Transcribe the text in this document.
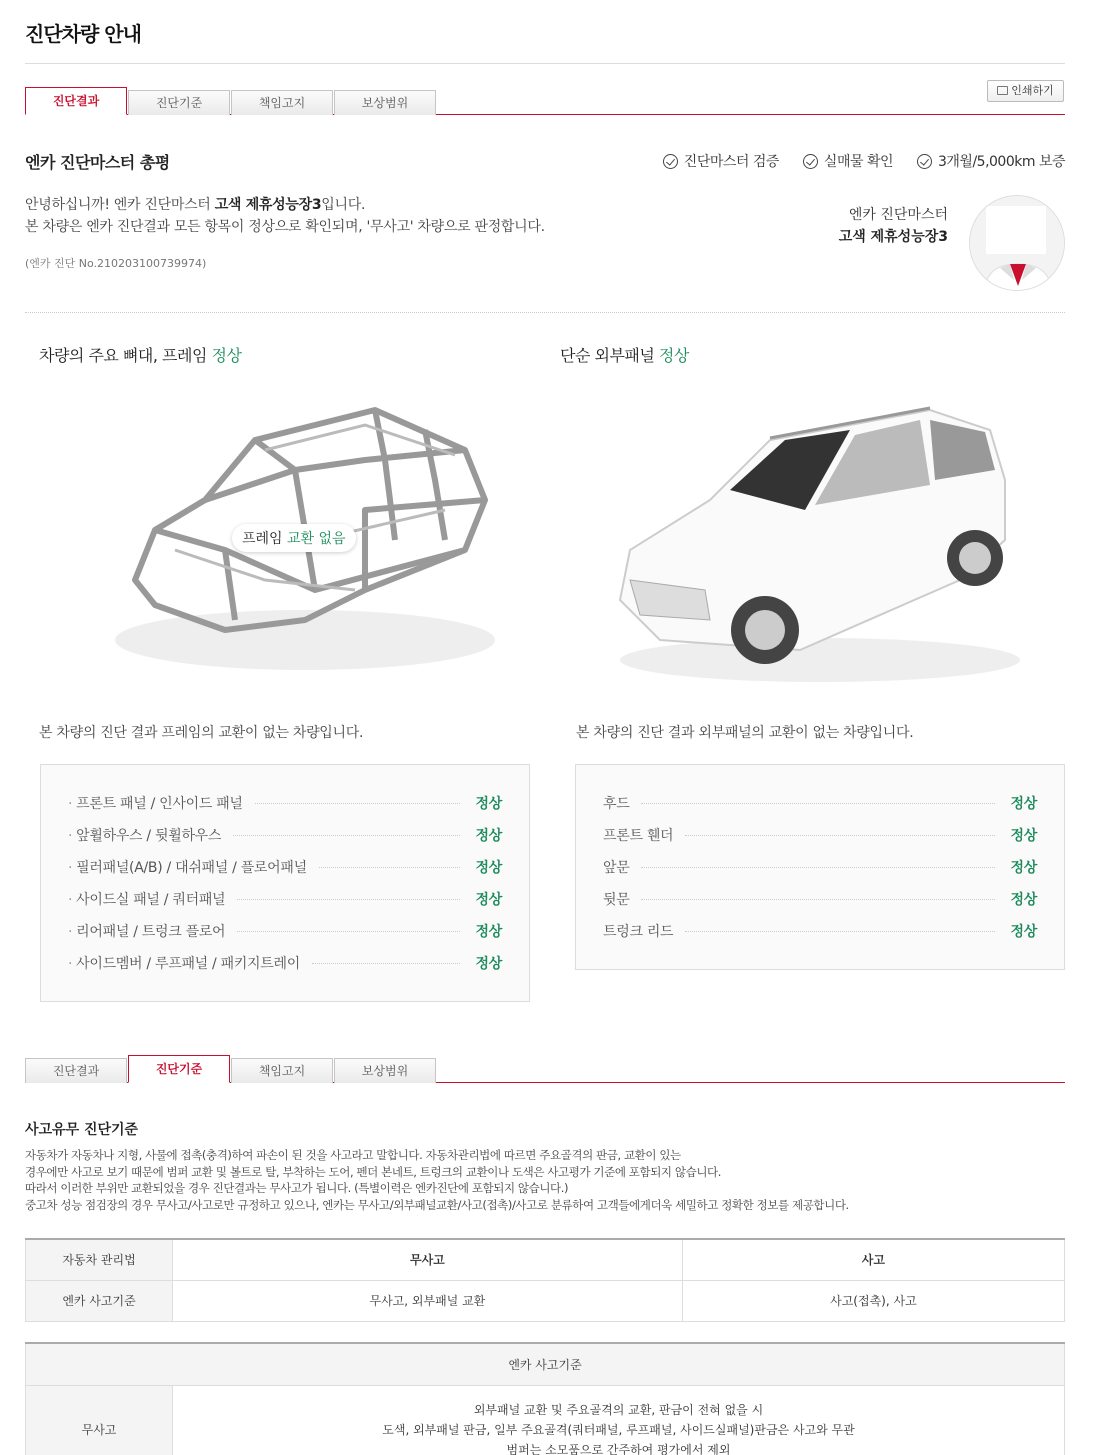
진단차량 안내
인쇄하기
진단결과	진단기준	책임고지	보상범위
엔카 진단마스터 총평	진단마스터 검증	실매물 확인	3개월/5,000km 보증
안녕하십니까! 엔카 진단마스터 고색 제휴성능장3입니다.
본 차량은 엔카 진단결과 모든 항목이 정상으로 확인되며, '무사고' 차량으로 판정합니다.
(엔카 진단 No.210203100739974)
엔카 진단마스터
고색 제휴성능장3
차량의 주요 뼈대, 프레임 정상
프레임 교환 없음
본 차량의 진단 결과 프레임의 교환이 없는 차량입니다.
· 프론트 패널 / 인사이드 패널	정상
· 앞휠하우스 / 뒷휠하우스	정상
· 필러패널(A/B) / 대쉬패널 / 플로어패널	정상
· 사이드실 패널 / 쿼터패널	정상
· 리어패널 / 트렁크 플로어	정상
· 사이드멤버 / 루프패널 / 패키지트레이	정상
단순 외부패널 정상
본 차량의 진단 결과 외부패널의 교환이 없는 차량입니다.
후드	정상
프론트 휀더	정상
앞문	정상
뒷문	정상
트렁크 리드	정상
진단결과	진단기준	책임고지	보상범위
사고유무 진단기준
자동차가 자동차나 지형, 사물에 접촉(충격)하여 파손이 된 것을 사고라고 말합니다. 자동차관리법에 따르면 주요골격의 판금, 교환이 있는
경우에만 사고로 보기 때문에 범퍼 교환 및 볼트로 탈, 부착하는 도어, 펜더 본네트, 트렁크의 교환이나 도색은 사고평가 기준에 포함되지 않습니다.
따라서 이러한 부위만 교환되었을 경우 진단결과는 무사고가 됩니다. (특별이력은 엔카진단에 포함되지 않습니다.)
중고차 성능 점검장의 경우 무사고/사고로만 규정하고 있으나, 엔카는 무사고/외부패널교환/사고(접촉)/사고로 분류하여 고객들에게더욱 세밀하고 정확한 정보를 제공합니다.
자동차 관리법	무사고	사고
엔카 사고기준	무사고, 외부패널 교환	사고(접촉), 사고
엔카 사고기준
무사고	
외부패널 교환 및 주요골격의 교환, 판금이 전혀 없을 시
도색, 외부패널 판금, 일부 주요골격(쿼터패널, 루프패널, 사이드실패널)판금은 사고와 무관
범퍼는 소모품으로 간주하여 평가에서 제외
